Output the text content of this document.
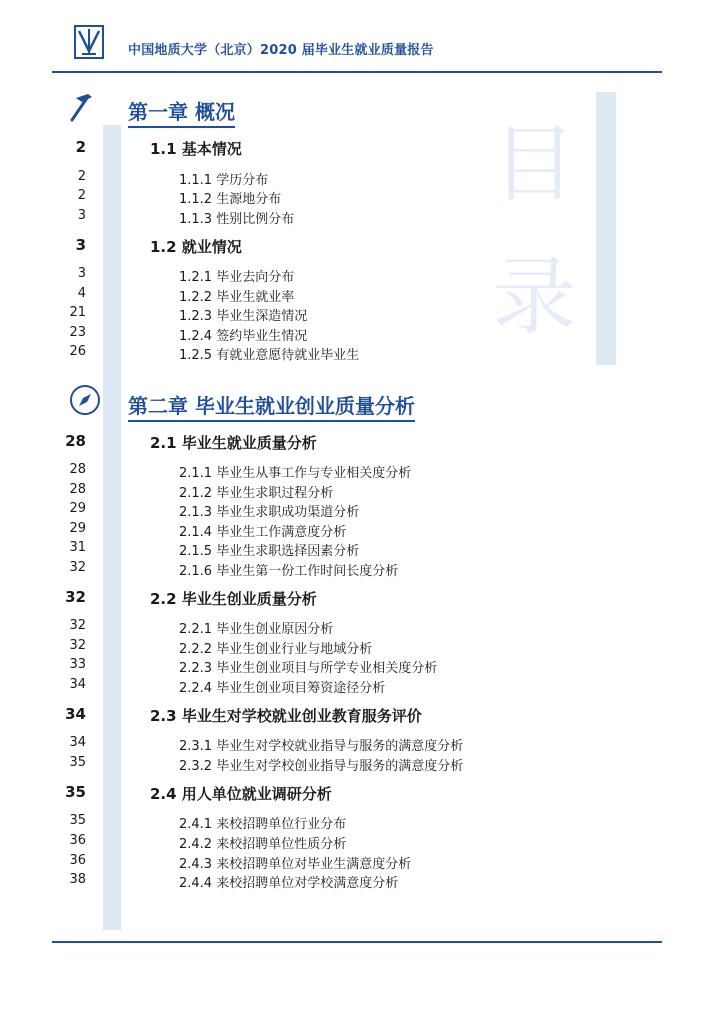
中国地质大学（北京）2020 届毕业生就业质量报告
目
录
第一章 概况
2	1.1 基本情况
2	1.1.1 学历分布
2	1.1.2 生源地分布
3	1.1.3 性别比例分布
3	1.2 就业情况
3	1.2.1 毕业去向分布
4	1.2.2 毕业生就业率
21	1.2.3 毕业生深造情况
23	1.2.4 签约毕业生情况
26	1.2.5 有就业意愿待就业毕业生
第二章 毕业生就业创业质量分析
28	2.1 毕业生就业质量分析
28	2.1.1 毕业生从事工作与专业相关度分析
28	2.1.2 毕业生求职过程分析
29	2.1.3 毕业生求职成功渠道分析
29	2.1.4 毕业生工作满意度分析
31	2.1.5 毕业生求职选择因素分析
32	2.1.6 毕业生第一份工作时间长度分析
32	2.2 毕业生创业质量分析
32	2.2.1 毕业生创业原因分析
32	2.2.2 毕业生创业行业与地域分析
33	2.2.3 毕业生创业项目与所学专业相关度分析
34	2.2.4 毕业生创业项目筹资途径分析
34	2.3 毕业生对学校就业创业教育服务评价
34	2.3.1 毕业生对学校就业指导与服务的满意度分析
35	2.3.2 毕业生对学校创业指导与服务的满意度分析
35	2.4 用人单位就业调研分析
35	2.4.1 来校招聘单位行业分布
36	2.4.2 来校招聘单位性质分析
36	2.4.3 来校招聘单位对毕业生满意度分析
38	2.4.4 来校招聘单位对学校满意度分析
